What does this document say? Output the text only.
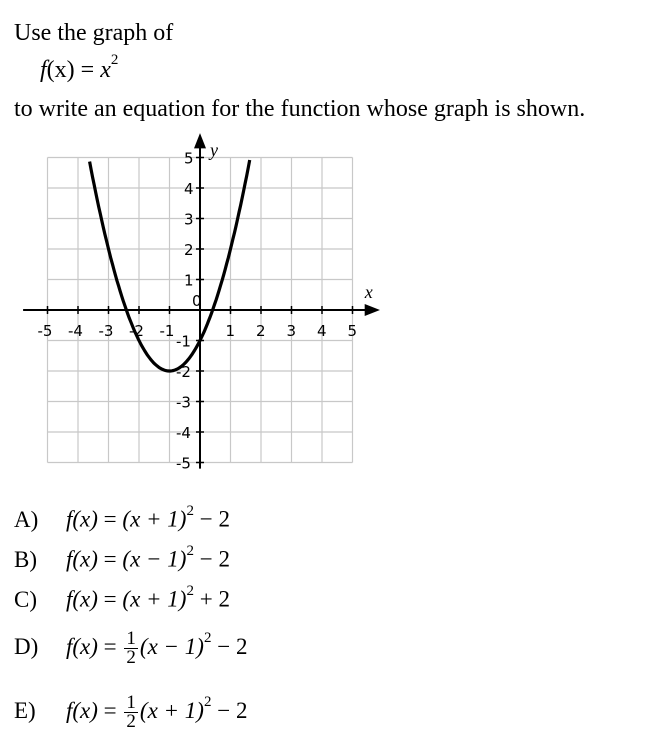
Use the graph of
$f(x) = x^2$
to write an equation for the function whose graph is shown.
-5 -4 -3 -2 -1
0
1 2 3 4 5
5
4
3
2
1
-1
-2
-3
-4
-5
x
y
A) $f(x) = (x + 1)^2 - 2$
B) $f(x) = (x - 1)^2 - 2$
C) $f(x) = (x + 1)^2 + 2$
D) $f(x) = \frac{1}{2} (x - 1)^2 - 2$
E) $f(x) = \frac{1}{2} (x + 1)^2 - 2$
